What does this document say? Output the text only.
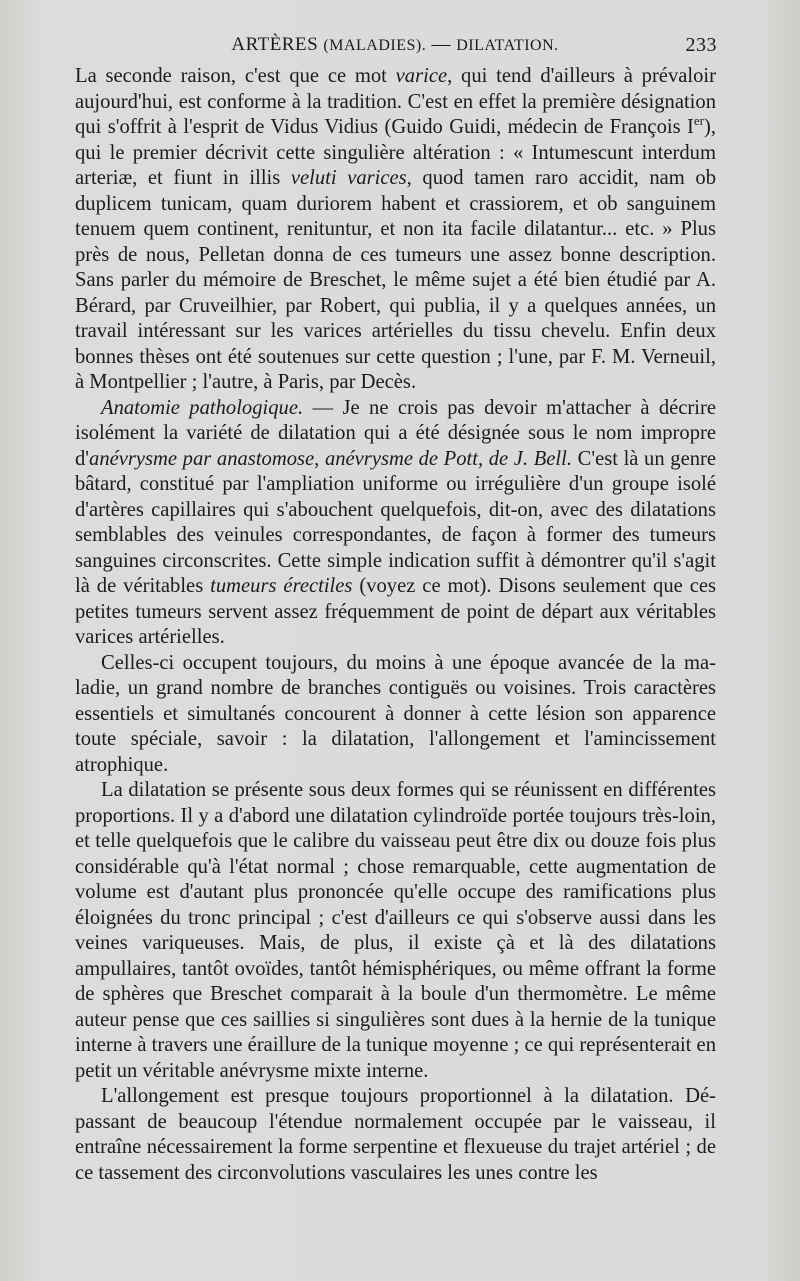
ARTÈRES (MALADIES). — DILATATION.	233

La seconde raison, c'est que ce mot varice, qui tend d'ailleurs à prévaloir aujourd'hui, est conforme à la tradition. C'est en effet la première désignation qui s'offrit à l'esprit de Vidus Vidius (Guido Guidi, médecin de François Ier), qui le premier décrivit cette singulière altération : « Intumescunt interdum arteriæ, et fiunt in illis veluti varices, quod tamen raro accidit, nam ob duplicem tunicam, quam duriorem habent et crassiorem, et ob sanguinem tenuem quem continent, renituntur, et non ita facile dilatantur... etc. » Plus près de nous, Pelletan donna de ces tumeurs une assez bonne description. Sans parler du mémoire de Breschet, le même sujet a été bien étudié par A. Bérard, par Cruveilhier, par Robert, qui publia, il y a quelques années, un travail intéressant sur les varices artérielles du tissu chevelu. Enfin deux bonnes thèses ont été soutenues sur cette question ; l'une, par F. M. Verneuil, à Montpellier ; l'autre, à Paris, par Decès.

Anatomie pathologique. — Je ne crois pas devoir m'attacher à décrire isolément la variété de dilatation qui a été désignée sous le nom impropre d'anévrysme par anastomose, anévrysme de Pott, de J. Bell. C'est là un genre bâtard, constitué par l'ampliation uniforme ou irrégulière d'un groupe isolé d'artères capillaires qui s'abouchent quelquefois, dit-on, avec des dilatations semblables des veinules correspondantes, de façon à former des tumeurs sanguines circonscrites. Cette simple indication suffit à démontrer qu'il s'agit là de véritables tumeurs érectiles (voyez ce mot). Disons seulement que ces petites tumeurs servent assez fréquemment de point de départ aux véritables varices artérielles.

Celles-ci occupent toujours, du moins à une époque avancée de la maladie, un grand nombre de branches contiguës ou voisines. Trois caractères essentiels et simultanés concourent à donner à cette lésion son apparence toute spéciale, savoir : la dilatation, l'allongement et l'amincissement atrophique.

La dilatation se présente sous deux formes qui se réunissent en différentes proportions. Il y a d'abord une dilatation cylindroïde portée toujours très-loin, et telle quelquefois que le calibre du vaisseau peut être dix ou douze fois plus considérable qu'à l'état normal ; chose remarquable, cette augmentation de volume est d'autant plus prononcée qu'elle occupe des ramifications plus éloignées du tronc principal ; c'est d'ailleurs ce qui s'observe aussi dans les veines variqueuses. Mais, de plus, il existe çà et là des dilatations ampullaires, tantôt ovoïdes, tantôt hémisphériques, ou même offrant la forme de sphères que Breschet comparait à la boule d'un thermomètre. Le même auteur pense que ces saillies si singulières sont dues à la hernie de la tunique interne à travers une éraillure de la tunique moyenne ; ce qui représenterait en petit un véritable anévrysme mixte interne.

L'allongement est presque toujours proportionnel à la dilatation. Dépassant de beaucoup l'étendue normalement occupée par le vaisseau, il entraîne nécessairement la forme serpentine et flexueuse du trajet artériel ; de ce tassement des circonvolutions vasculaires les unes contre les
